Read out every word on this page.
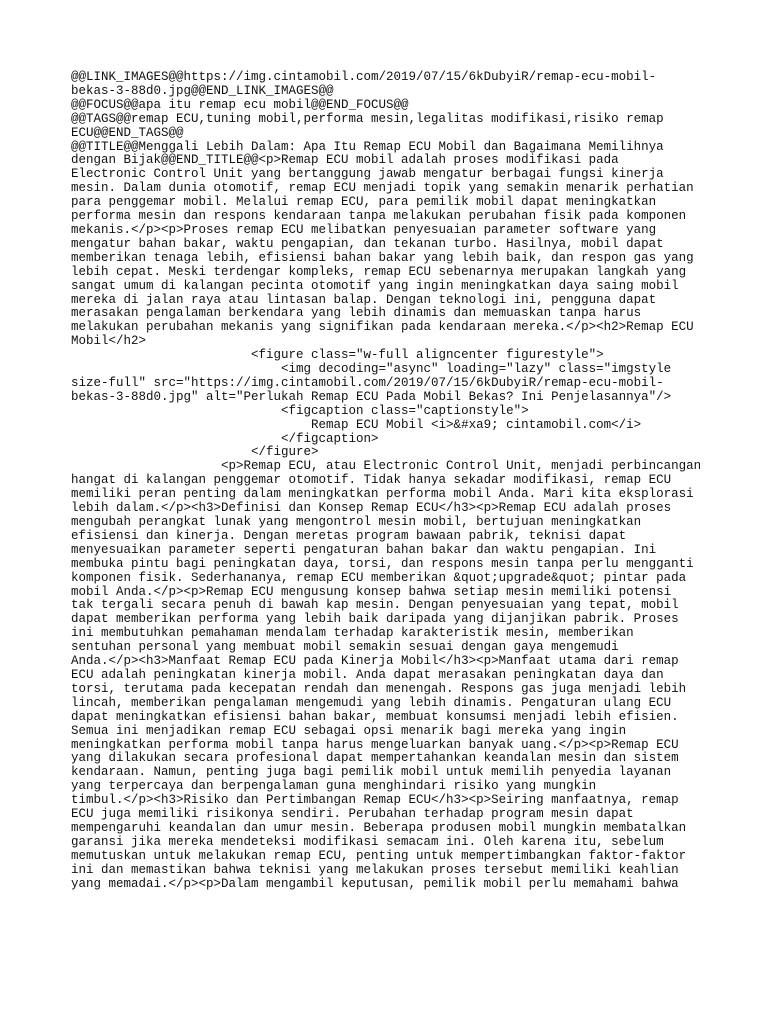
@@LINK_IMAGES@@https://img.cintamobil.com/2019/07/15/6kDubyiR/remap-ecu-mobil-
bekas-3-88d0.jpg@@END_LINK_IMAGES@@
@@FOCUS@@apa itu remap ecu mobil@@END_FOCUS@@
@@TAGS@@remap ECU,tuning mobil,performa mesin,legalitas modifikasi,risiko remap
ECU@@END_TAGS@@
@@TITLE@@Menggali Lebih Dalam: Apa Itu Remap ECU Mobil dan Bagaimana Memilihnya
dengan Bijak@@END_TITLE@@<p>Remap ECU mobil adalah proses modifikasi pada
Electronic Control Unit yang bertanggung jawab mengatur berbagai fungsi kinerja
mesin. Dalam dunia otomotif, remap ECU menjadi topik yang semakin menarik perhatian
para penggemar mobil. Melalui remap ECU, para pemilik mobil dapat meningkatkan
performa mesin dan respons kendaraan tanpa melakukan perubahan fisik pada komponen
mekanis.</p><p>Proses remap ECU melibatkan penyesuaian parameter software yang
mengatur bahan bakar, waktu pengapian, dan tekanan turbo. Hasilnya, mobil dapat
memberikan tenaga lebih, efisiensi bahan bakar yang lebih baik, dan respon gas yang
lebih cepat. Meski terdengar kompleks, remap ECU sebenarnya merupakan langkah yang
sangat umum di kalangan pecinta otomotif yang ingin meningkatkan daya saing mobil
mereka di jalan raya atau lintasan balap. Dengan teknologi ini, pengguna dapat
merasakan pengalaman berkendara yang lebih dinamis dan memuaskan tanpa harus
melakukan perubahan mekanis yang signifikan pada kendaraan mereka.</p><h2>Remap ECU
Mobil</h2>
<figure class="w-full aligncenter figurestyle">
<img decoding="async" loading="lazy" class="imgstyle
size-full" src="https://img.cintamobil.com/2019/07/15/6kDubyiR/remap-ecu-mobil-
bekas-3-88d0.jpg" alt="Perlukah Remap ECU Pada Mobil Bekas? Ini Penjelasannya"/>
<figcaption class="captionstyle">
Remap ECU Mobil <i>&#xa9; cintamobil.com</i>
</figcaption>
</figure>
<p>Remap ECU, atau Electronic Control Unit, menjadi perbincangan
hangat di kalangan penggemar otomotif. Tidak hanya sekadar modifikasi, remap ECU
memiliki peran penting dalam meningkatkan performa mobil Anda. Mari kita eksplorasi
lebih dalam.</p><h3>Definisi dan Konsep Remap ECU</h3><p>Remap ECU adalah proses
mengubah perangkat lunak yang mengontrol mesin mobil, bertujuan meningkatkan
efisiensi dan kinerja. Dengan meretas program bawaan pabrik, teknisi dapat
menyesuaikan parameter seperti pengaturan bahan bakar dan waktu pengapian. Ini
membuka pintu bagi peningkatan daya, torsi, dan respons mesin tanpa perlu mengganti
komponen fisik. Sederhananya, remap ECU memberikan &quot;upgrade&quot; pintar pada
mobil Anda.</p><p>Remap ECU mengusung konsep bahwa setiap mesin memiliki potensi
tak tergali secara penuh di bawah kap mesin. Dengan penyesuaian yang tepat, mobil
dapat memberikan performa yang lebih baik daripada yang dijanjikan pabrik. Proses
ini membutuhkan pemahaman mendalam terhadap karakteristik mesin, memberikan
sentuhan personal yang membuat mobil semakin sesuai dengan gaya mengemudi
Anda.</p><h3>Manfaat Remap ECU pada Kinerja Mobil</h3><p>Manfaat utama dari remap
ECU adalah peningkatan kinerja mobil. Anda dapat merasakan peningkatan daya dan
torsi, terutama pada kecepatan rendah dan menengah. Respons gas juga menjadi lebih
lincah, memberikan pengalaman mengemudi yang lebih dinamis. Pengaturan ulang ECU
dapat meningkatkan efisiensi bahan bakar, membuat konsumsi menjadi lebih efisien.
Semua ini menjadikan remap ECU sebagai opsi menarik bagi mereka yang ingin
meningkatkan performa mobil tanpa harus mengeluarkan banyak uang.</p><p>Remap ECU
yang dilakukan secara profesional dapat mempertahankan keandalan mesin dan sistem
kendaraan. Namun, penting juga bagi pemilik mobil untuk memilih penyedia layanan
yang terpercaya dan berpengalaman guna menghindari risiko yang mungkin
timbul.</p><h3>Risiko dan Pertimbangan Remap ECU</h3><p>Seiring manfaatnya, remap
ECU juga memiliki risikonya sendiri. Perubahan terhadap program mesin dapat
mempengaruhi keandalan dan umur mesin. Beberapa produsen mobil mungkin membatalkan
garansi jika mereka mendeteksi modifikasi semacam ini. Oleh karena itu, sebelum
memutuskan untuk melakukan remap ECU, penting untuk mempertimbangkan faktor-faktor
ini dan memastikan bahwa teknisi yang melakukan proses tersebut memiliki keahlian
yang memadai.</p><p>Dalam mengambil keputusan, pemilik mobil perlu memahami bahwa
